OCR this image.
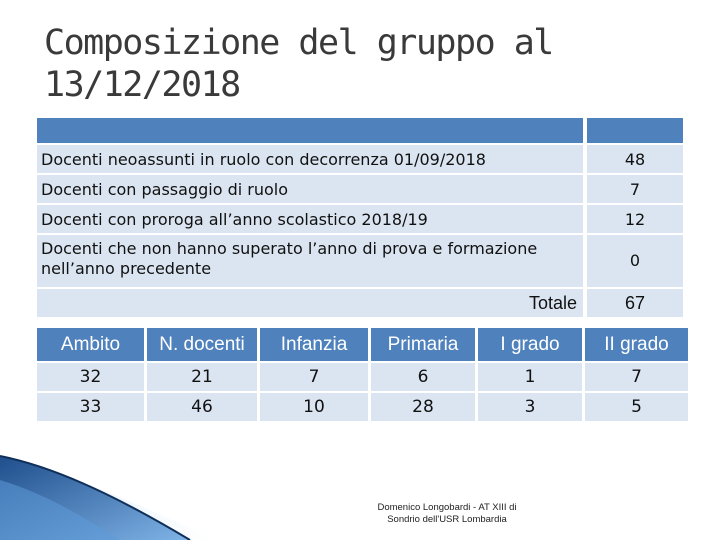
Composizione del gruppo al
13/12/2018
Docenti neoassunti in ruolo con decorrenza 01/09/2018	48
Docenti con passaggio di ruolo	7
Docenti con proroga all’anno scolastico 2018/19	12
Docenti che non hanno superato l’anno di prova e formazione nell’anno precedente	0
Totale	67
Ambito	N. docenti	Infanzia	Primaria	I grado	II grado
32	21	7	6	1	7
33	46	10	28	3	5
Domenico Longobardi - AT XIII di
Sondrio dell'USR Lombardia
